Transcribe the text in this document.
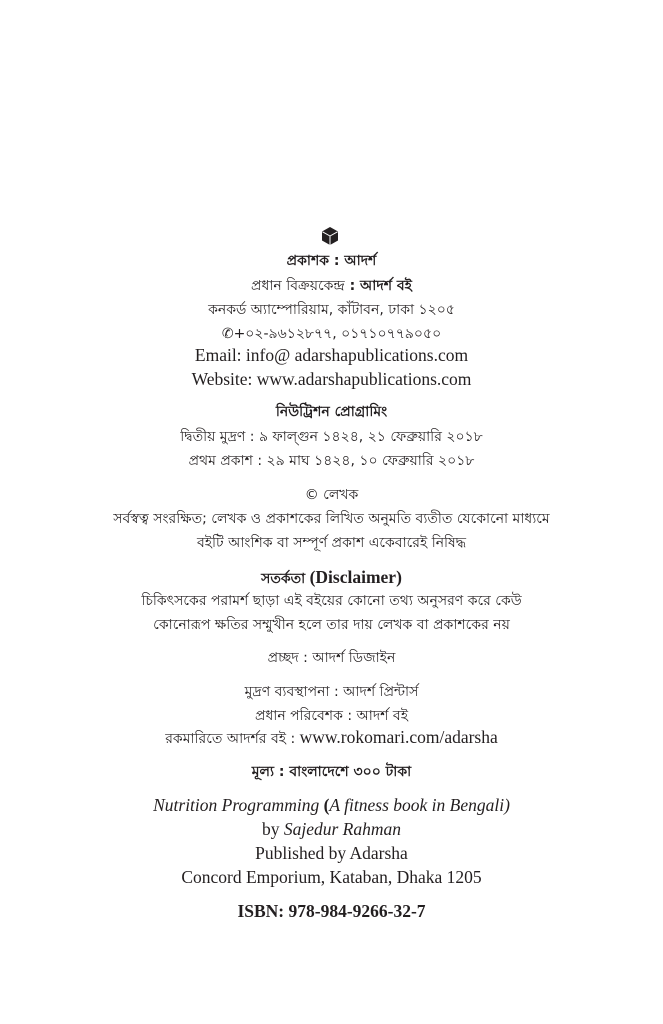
প্রকাশক : আদর্শ
প্রধান বিক্রয়কেন্দ্র : আদর্শ বই
কনকর্ড অ্যাম্পোরিয়াম, কাঁটাবন, ঢাকা ১২০৫
✆+০২-৯৬১২৮৭৭, ০১৭১০৭৭৯০৫০
Email: info@ adarshapublications.com
Website: www.adarshapublications.com
নিউট্রিশন প্রোগ্রামিং
দ্বিতীয় মুদ্রণ : ৯ ফাল্গুন ১৪২৪, ২১ ফেব্রুয়ারি ২০১৮
প্রথম প্রকাশ : ২৯ মাঘ ১৪২৪, ১০ ফেব্রুয়ারি ২০১৮
© লেখক
সর্বস্বত্ব সংরক্ষিত; লেখক ও প্রকাশকের লিখিত অনুমতি ব্যতীত যেকোনো মাধ্যমে
বইটি আংশিক বা সম্পূর্ণ প্রকাশ একেবারেই নিষিদ্ধ
সতর্কতা (Disclaimer)
চিকিৎসকের পরামর্শ ছাড়া এই বইয়ের কোনো তথ্য অনুসরণ করে কেউ
কোনোরূপ ক্ষতির সম্মুখীন হলে তার দায় লেখক বা প্রকাশকের নয়
প্রচ্ছদ : আদর্শ ডিজাইন
মুদ্রণ ব্যবস্থাপনা : আদর্শ প্রিন্টার্স
প্রধান পরিবেশক : আদর্শ বই
রকমারিতে আদর্শর বই : www.rokomari.com/adarsha
মূল্য : বাংলাদেশে ৩০০ টাকা
Nutrition Programming (A fitness book in Bengali)
by Sajedur Rahman
Published by Adarsha
Concord Emporium, Kataban, Dhaka 1205
ISBN: 978-984-9266-32-7
